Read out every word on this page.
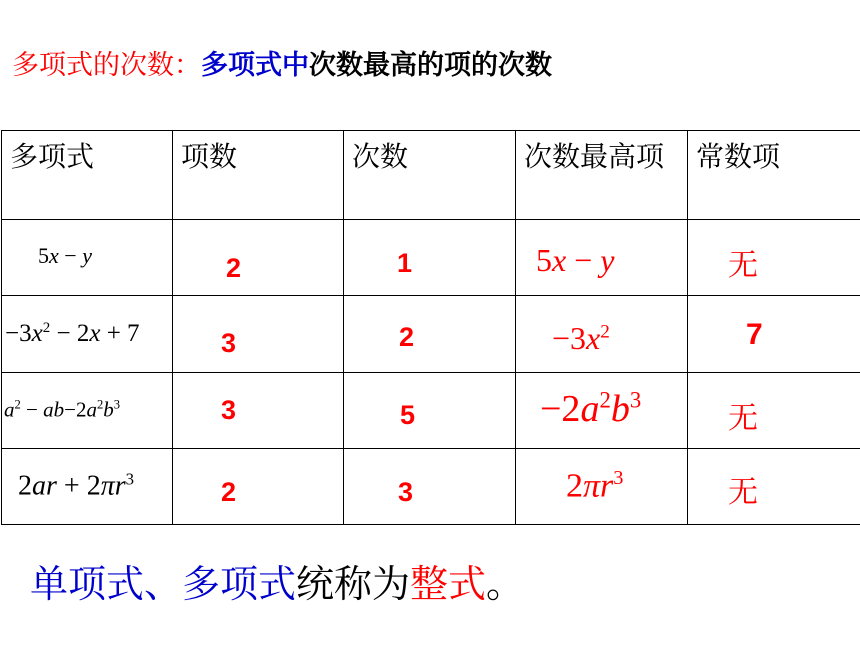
多项式的次数：多项式中次数最高的项的次数
多项式	项数	次数	次数最高项	常数项

5x − y	2	1	5x − y	无

$-3x^2 - 2x + 7$	3	2	$-3x^2$	7

$a^2 - ab-2a^2b^3$	3	5	$-2a^2b^3$	无

$2ar + 2\pi r^3$	2	3	$2\pi r^3$	无
单项式、多项式统称为整式。
